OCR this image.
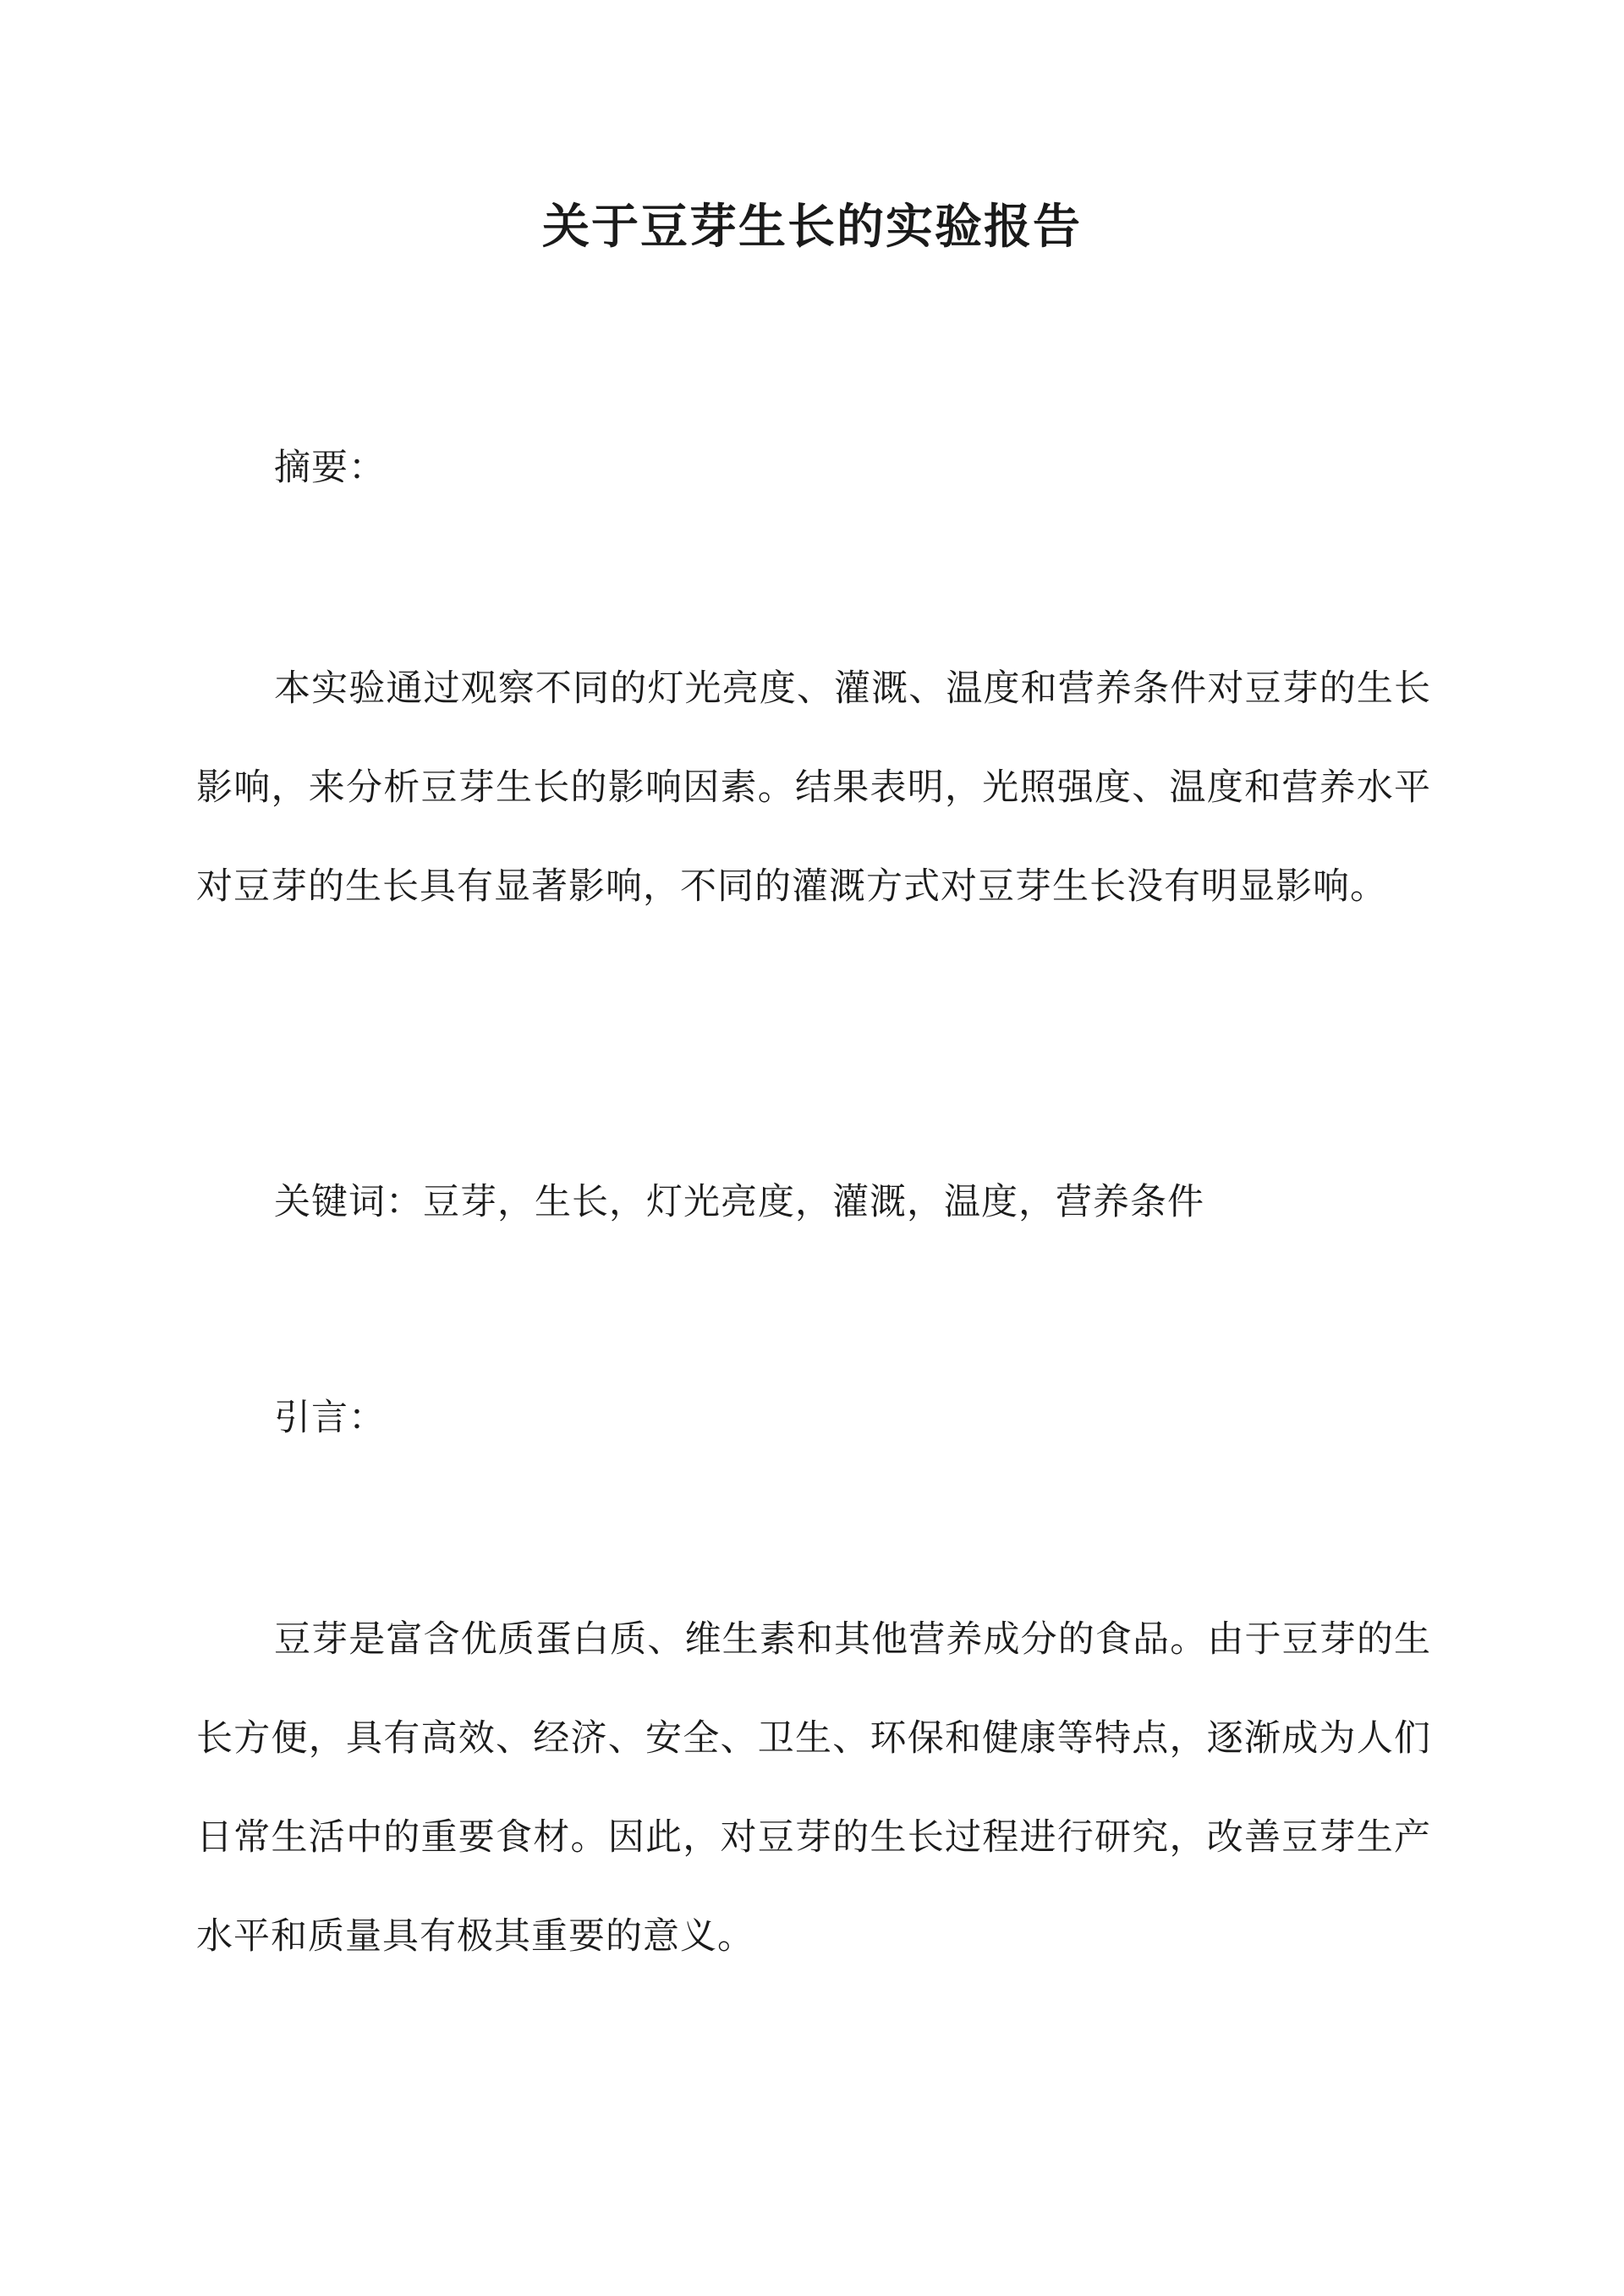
关于豆芽生长的实验报告

摘要：

本实验通过观察不同的灯光亮度、灌溉、温度和营养条件对豆芽的生长影响，来分析豆芽生长的影响因素。结果表明，光照强度、温度和营养水平对豆芽的生长具有显著影响，不同的灌溉方式对豆芽生长没有明显影响。

关键词：豆芽，生长，灯光亮度，灌溉，温度，营养条件

引言：

豆芽是富含优质蛋白质、维生素和其他营养成分的食品。由于豆芽的生长方便，具有高效、经济、安全、卫生、环保和健康等特点，逐渐成为人们日常生活中的重要食材。因此，对豆芽的生长过程进行研究，改善豆芽生产水平和质量具有极其重要的意义。
